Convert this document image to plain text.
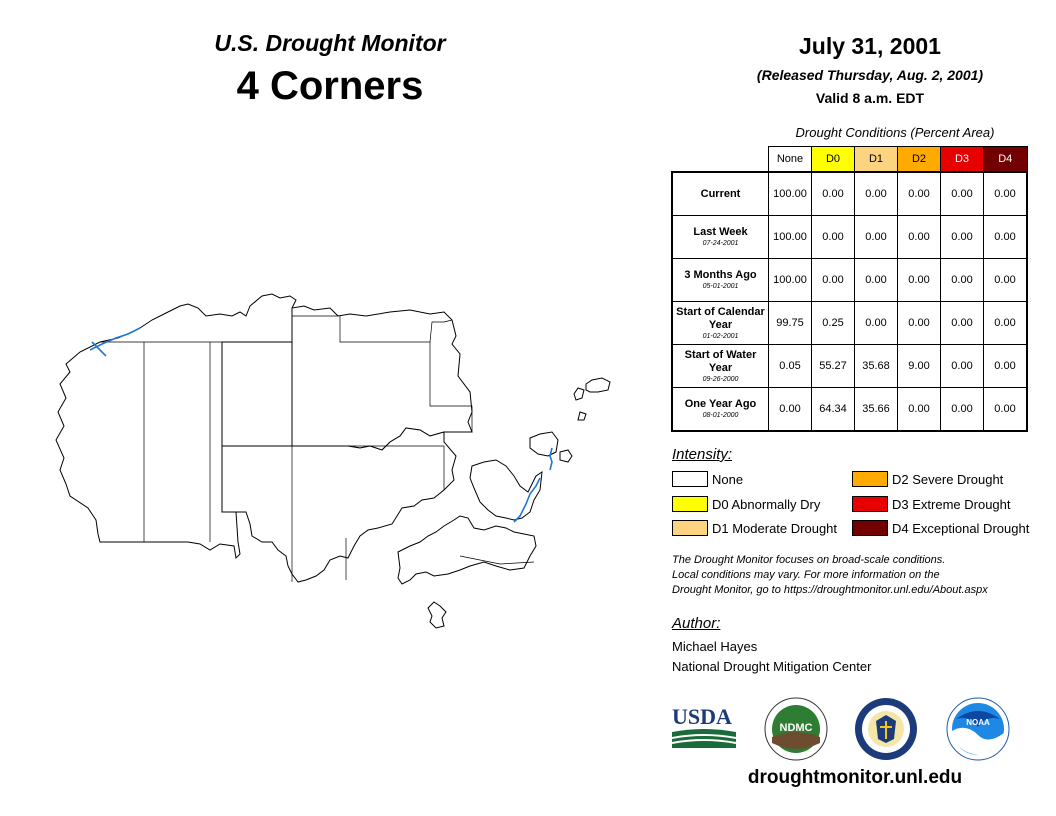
U.S. Drought Monitor
4 Corners
July 31, 2001
(Released Thursday, Aug. 2, 2001)
Valid 8 a.m. EDT
Drought Conditions (Percent Area)
	None	D0	D1	D2	D3	D4
Current	100.00	0.00	0.00	0.00	0.00	0.00
Last Week
07-24-2001	100.00	0.00	0.00	0.00	0.00	0.00
3 Months Ago
05-01-2001	100.00	0.00	0.00	0.00	0.00	0.00
Start of Calendar Year
01-02-2001	99.75	0.25	0.00	0.00	0.00	0.00
Start of Water Year
09-26-2000	0.05	55.27	35.68	9.00	0.00	0.00
One Year Ago
08-01-2000	0.00	64.34	35.66	0.00	0.00	0.00
Intensity:
None
D0 Abnormally Dry
D1 Moderate Drought
D2 Severe Drought
D3 Extreme Drought
D4 Exceptional Drought
The Drought Monitor focuses on broad-scale conditions.
Local conditions may vary. For more information on the
Drought Monitor, go to https://droughtmonitor.unl.edu/About.aspx
Author:
Michael Hayes
National Drought Mitigation Center
USDA	NDMC	NOAA
droughtmonitor.unl.edu
